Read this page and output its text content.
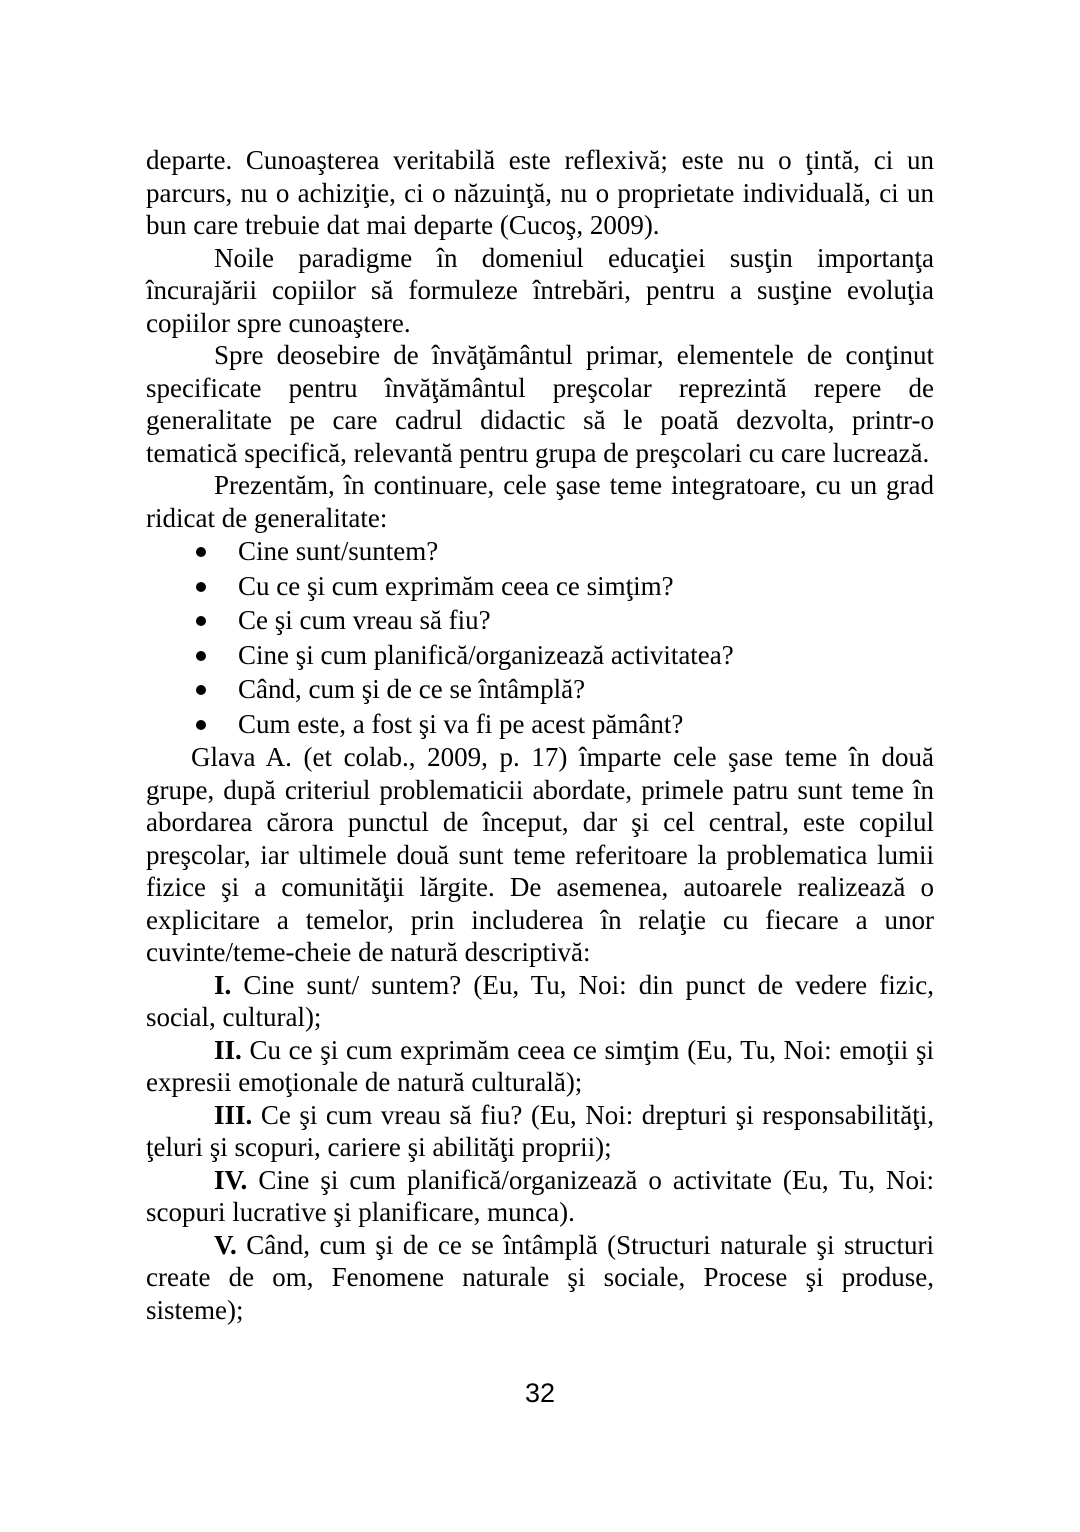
departe. Cunoaşterea veritabilă este reflexivă; este nu o ţintă, ci un parcurs, nu o achiziţie, ci o năzuinţă, nu o proprietate individuală, ci un bun care trebuie dat mai departe (Cucoş, 2009).

Noile paradigme în domeniul educaţiei susţin importanţa încurajării copiilor să formuleze întrebări, pentru a susţine evoluţia copiilor spre cunoaştere.

Spre deosebire de învăţământul primar, elementele de conţinut specificate pentru învăţământul preşcolar reprezintă repere de generalitate pe care cadrul didactic să le poată dezvolta, printr-o tematică specifică, relevantă pentru grupa de preşcolari cu care lucrează.

Prezentăm, în continuare, cele şase teme integratoare, cu un grad ridicat de generalitate:

Cine sunt/suntem?
Cu ce şi cum exprimăm ceea ce simţim?
Ce şi cum vreau să fiu?
Cine şi cum planifică/organizează activitatea?
Când, cum şi de ce se întâmplă?
Cum este, a fost şi va fi pe acest pământ?

Glava A. (et colab., 2009, p. 17) împarte cele şase teme în două grupe, după criteriul problematicii abordate, primele patru sunt teme în abordarea cărora punctul de început, dar şi cel central, este copilul preşcolar, iar ultimele două sunt teme referitoare la problematica lumii fizice şi a comunităţii lărgite. De asemenea, autoarele realizează o explicitare a temelor, prin includerea în relaţie cu fiecare a unor cuvinte/teme-cheie de natură descriptivă:

I. Cine sunt/ suntem? (Eu, Tu, Noi: din punct de vedere fizic, social, cultural);

II. Cu ce şi cum exprimăm ceea ce simţim (Eu, Tu, Noi: emoţii şi expresii emoţionale de natură culturală);

III. Ce şi cum vreau să fiu? (Eu, Noi: drepturi şi responsabilităţi, ţeluri şi scopuri, cariere şi abilităţi proprii);

IV. Cine şi cum planifică/organizează o activitate (Eu, Tu, Noi: scopuri lucrative şi planificare, munca).

V. Când, cum şi de ce se întâmplă (Structuri naturale şi structuri create de om, Fenomene naturale şi sociale, Procese şi produse, sisteme);

32
